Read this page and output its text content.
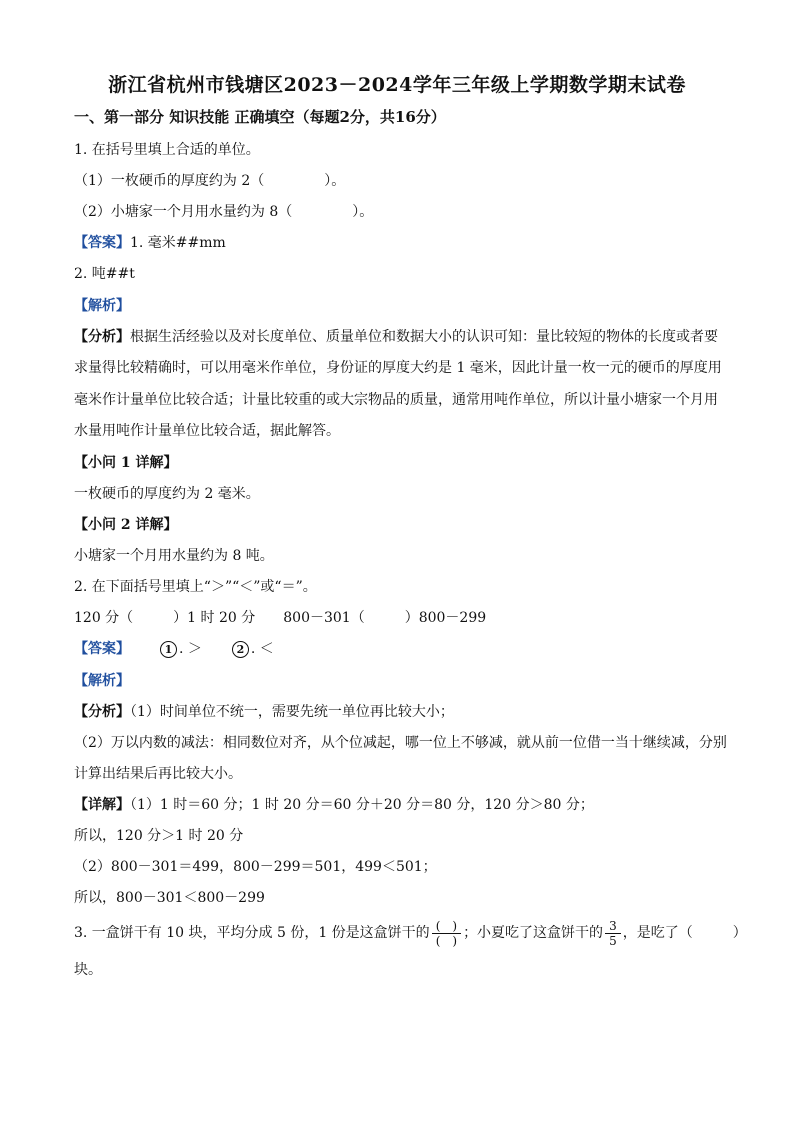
浙江省杭州市钱塘区2023－2024学年三年级上学期数学期末试卷
一、第一部分 知识技能 正确填空（每题2分，共16分）
1. 在括号里填上合适的单位。
（1）一枚硬币的厚度约为 2（	）。
（2）小塘家一个月用水量约为 8（	）。
【答案】1. 毫米##mm
2. 吨##t
【解析】
【分析】根据生活经验以及对长度单位、质量单位和数据大小的认识可知：量比较短的物体的长度或者要
求量得比较精确时，可以用毫米作单位，身份证的厚度大约是 1 毫米，因此计量一枚一元的硬币的厚度用
毫米作计量单位比较合适；计量比较重的或大宗物品的质量，通常用吨作单位，所以计量小塘家一个月用
水量用吨作计量单位比较合适，据此解答。
【小问 1 详解】
一枚硬币的厚度约为 2 毫米。
【小问 2 详解】
小塘家一个月用水量约为 8 吨。
2. 在下面括号里填上“＞”“＜”或“＝”。
120 分（	）1 时 20 分 800－301（	）800－299
【答案】	1 . ＞	2 . ＜
【解析】
【分析】（1）时间单位不统一，需要先统一单位再比较大小；
（2）万以内数的减法：相同数位对齐，从个位减起，哪一位上不够减，就从前一位借一当十继续减，分别
计算出结果后再比较大小。
【详解】（1）1 时＝60 分；1 时 20 分＝60 分＋20 分＝80 分，120 分＞80 分；
所以，120 分＞1 时 20 分
（2）800－301＝499，800－299＝501，499＜501；
所以，800－301＜800－299
3. 一盒饼干有 10 块，平均分成 5 份，1 份是这盒饼干的 $\frac{( )}{( )}$ ；小夏吃了这盒饼干的 $\frac{3}{5}$ ，是吃了（	）
块。
